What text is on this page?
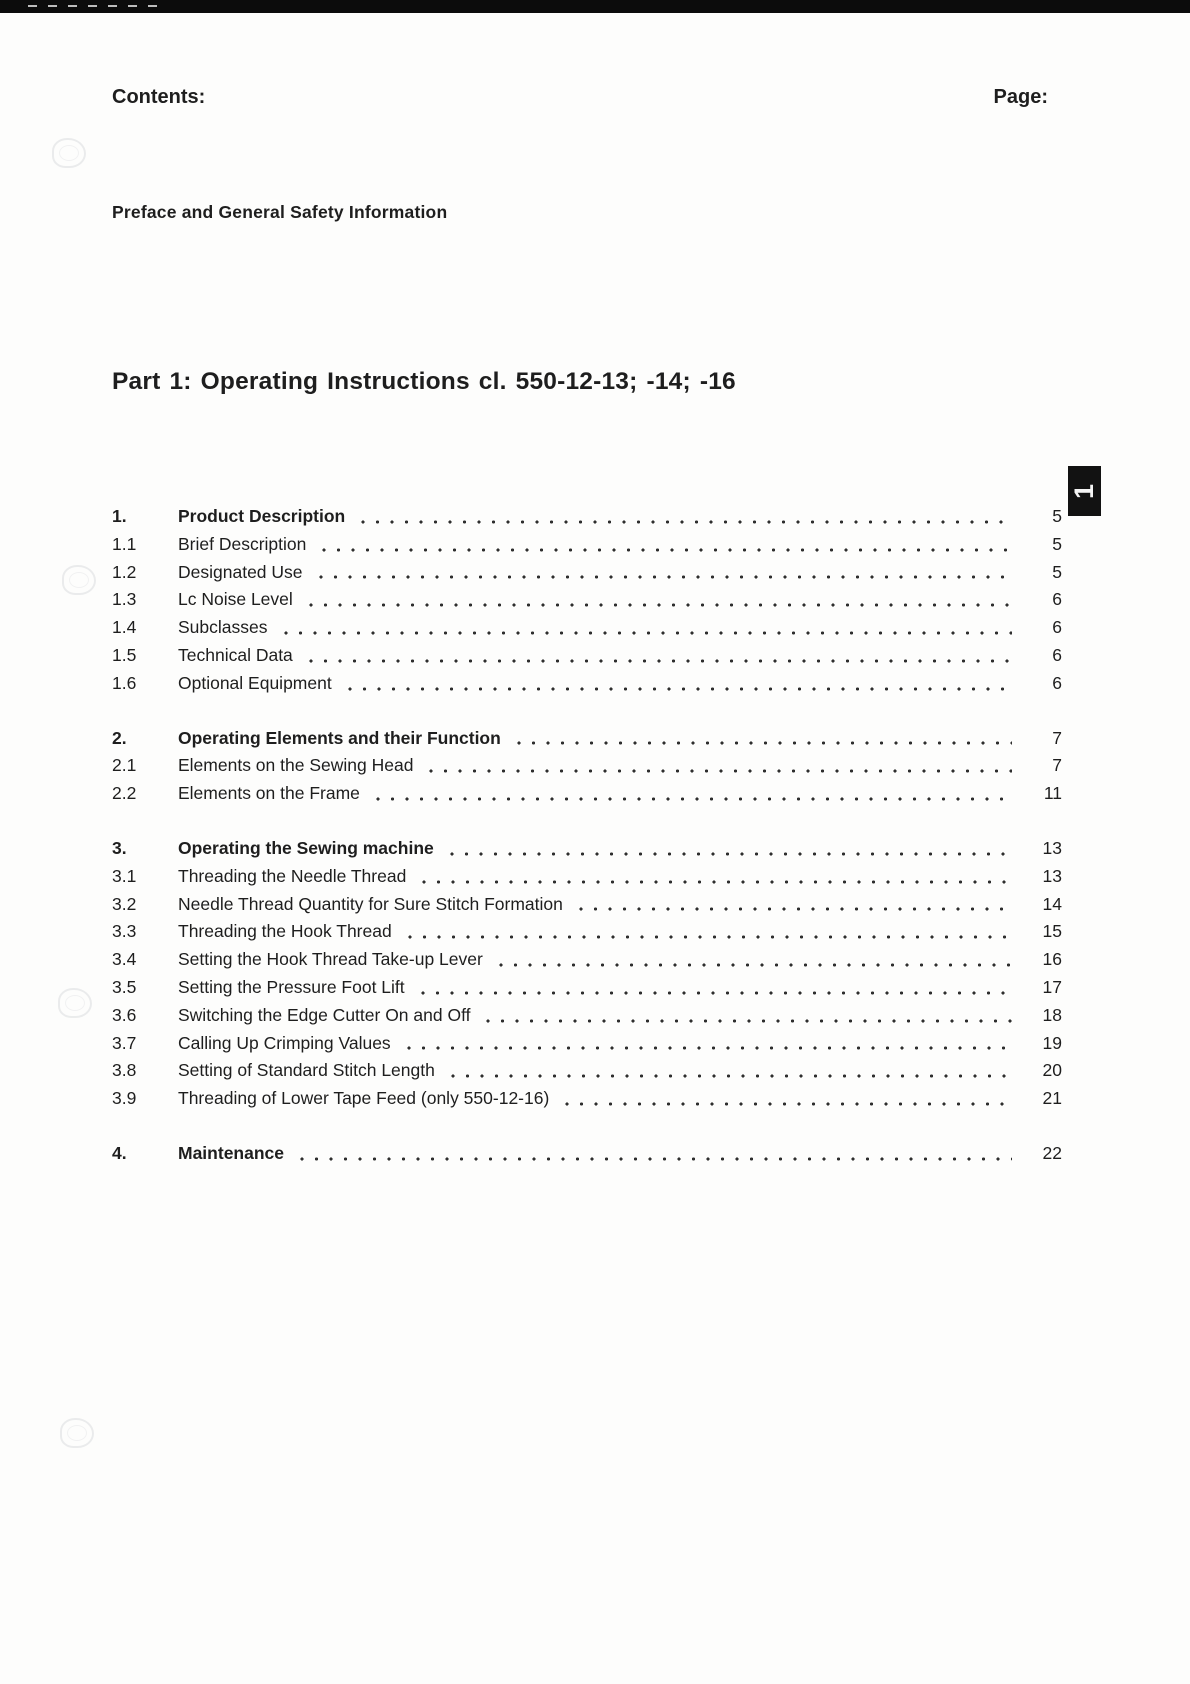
Contents:	Page:
Preface and General Safety Information
Part 1: Operating Instructions cl. 550-12-13; -14; -16
1
1.	Product Description	5
1.1	Brief Description	5
1.2	Designated Use	5
1.3	Lc Noise Level	6
1.4	Subclasses	6
1.5	Technical Data	6
1.6	Optional Equipment	6
2.	Operating Elements and their Function	7
2.1	Elements on the Sewing Head	7
2.2	Elements on the Frame	11
3.	Operating the Sewing machine	13
3.1	Threading the Needle Thread	13
3.2	Needle Thread Quantity for Sure Stitch Formation	14
3.3	Threading the Hook Thread	15
3.4	Setting the Hook Thread Take-up Lever	16
3.5	Setting the Pressure Foot Lift	17
3.6	Switching the Edge Cutter On and Off	18
3.7	Calling Up Crimping Values	19
3.8	Setting of Standard Stitch Length	20
3.9	Threading of Lower Tape Feed (only 550-12-16)	21
4.	Maintenance	22
